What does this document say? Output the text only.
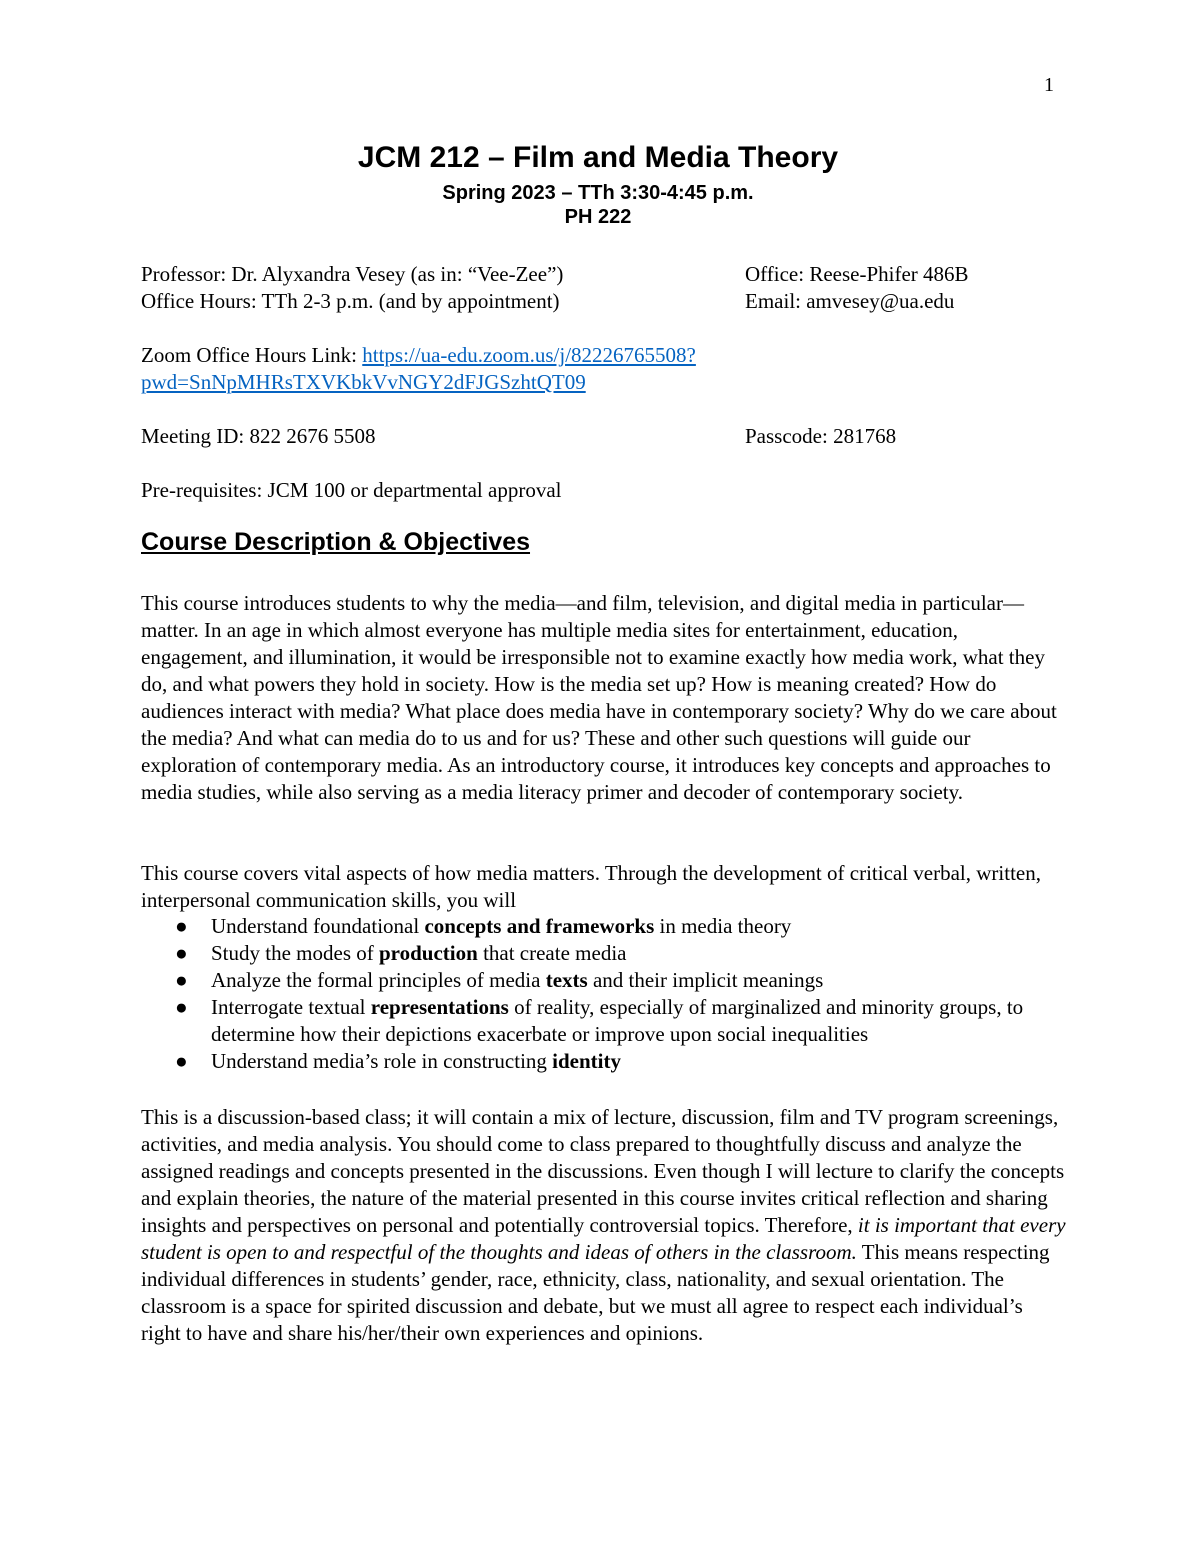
1
JCM 212 – Film and Media Theory
Spring 2023 – TTh 3:30-4:45 p.m.
PH 222
Professor: Dr. Alyxandra Vesey (as in: “Vee-Zee”)	Office: Reese-Phifer 486B
Office Hours: TTh 2-3 p.m. (and by appointment)	Email: amvesey@ua.edu
Zoom Office Hours Link: https://ua-edu.zoom.us/j/82226765508?
pwd=SnNpMHRsTXVKbkVvNGY2dFJGSzhtQT09
Meeting ID: 822 2676 5508	Passcode: 281768
Pre-requisites: JCM 100 or departmental approval
Course Description & Objectives
This course introduces students to why the media—and film, television, and digital media in particular—matter. In an age in which almost everyone has multiple media sites for entertainment, education, engagement, and illumination, it would be irresponsible not to examine exactly how media work, what they do, and what powers they hold in society. How is the media set up? How is meaning created? How do audiences interact with media? What place does media have in contemporary society? Why do we care about the media? And what can media do to us and for us? These and other such questions will guide our exploration of contemporary media. As an introductory course, it introduces key concepts and approaches to media studies, while also serving as a media literacy primer and decoder of contemporary society.
This course covers vital aspects of how media matters. Through the development of critical verbal, written, interpersonal communication skills, you will
● Understand foundational concepts and frameworks in media theory
● Study the modes of production that create media
● Analyze the formal principles of media texts and their implicit meanings
● Interrogate textual representations of reality, especially of marginalized and minority groups, to determine how their depictions exacerbate or improve upon social inequalities
● Understand media’s role in constructing identity
This is a discussion-based class; it will contain a mix of lecture, discussion, film and TV program screenings, activities, and media analysis. You should come to class prepared to thoughtfully discuss and analyze the assigned readings and concepts presented in the discussions. Even though I will lecture to clarify the concepts and explain theories, the nature of the material presented in this course invites critical reflection and sharing insights and perspectives on personal and potentially controversial topics. Therefore, it is important that every student is open to and respectful of the thoughts and ideas of others in the classroom. This means respecting individual differences in students’ gender, race, ethnicity, class, nationality, and sexual orientation. The classroom is a space for spirited discussion and debate, but we must all agree to respect each individual’s right to have and share his/her/their own experiences and opinions.
